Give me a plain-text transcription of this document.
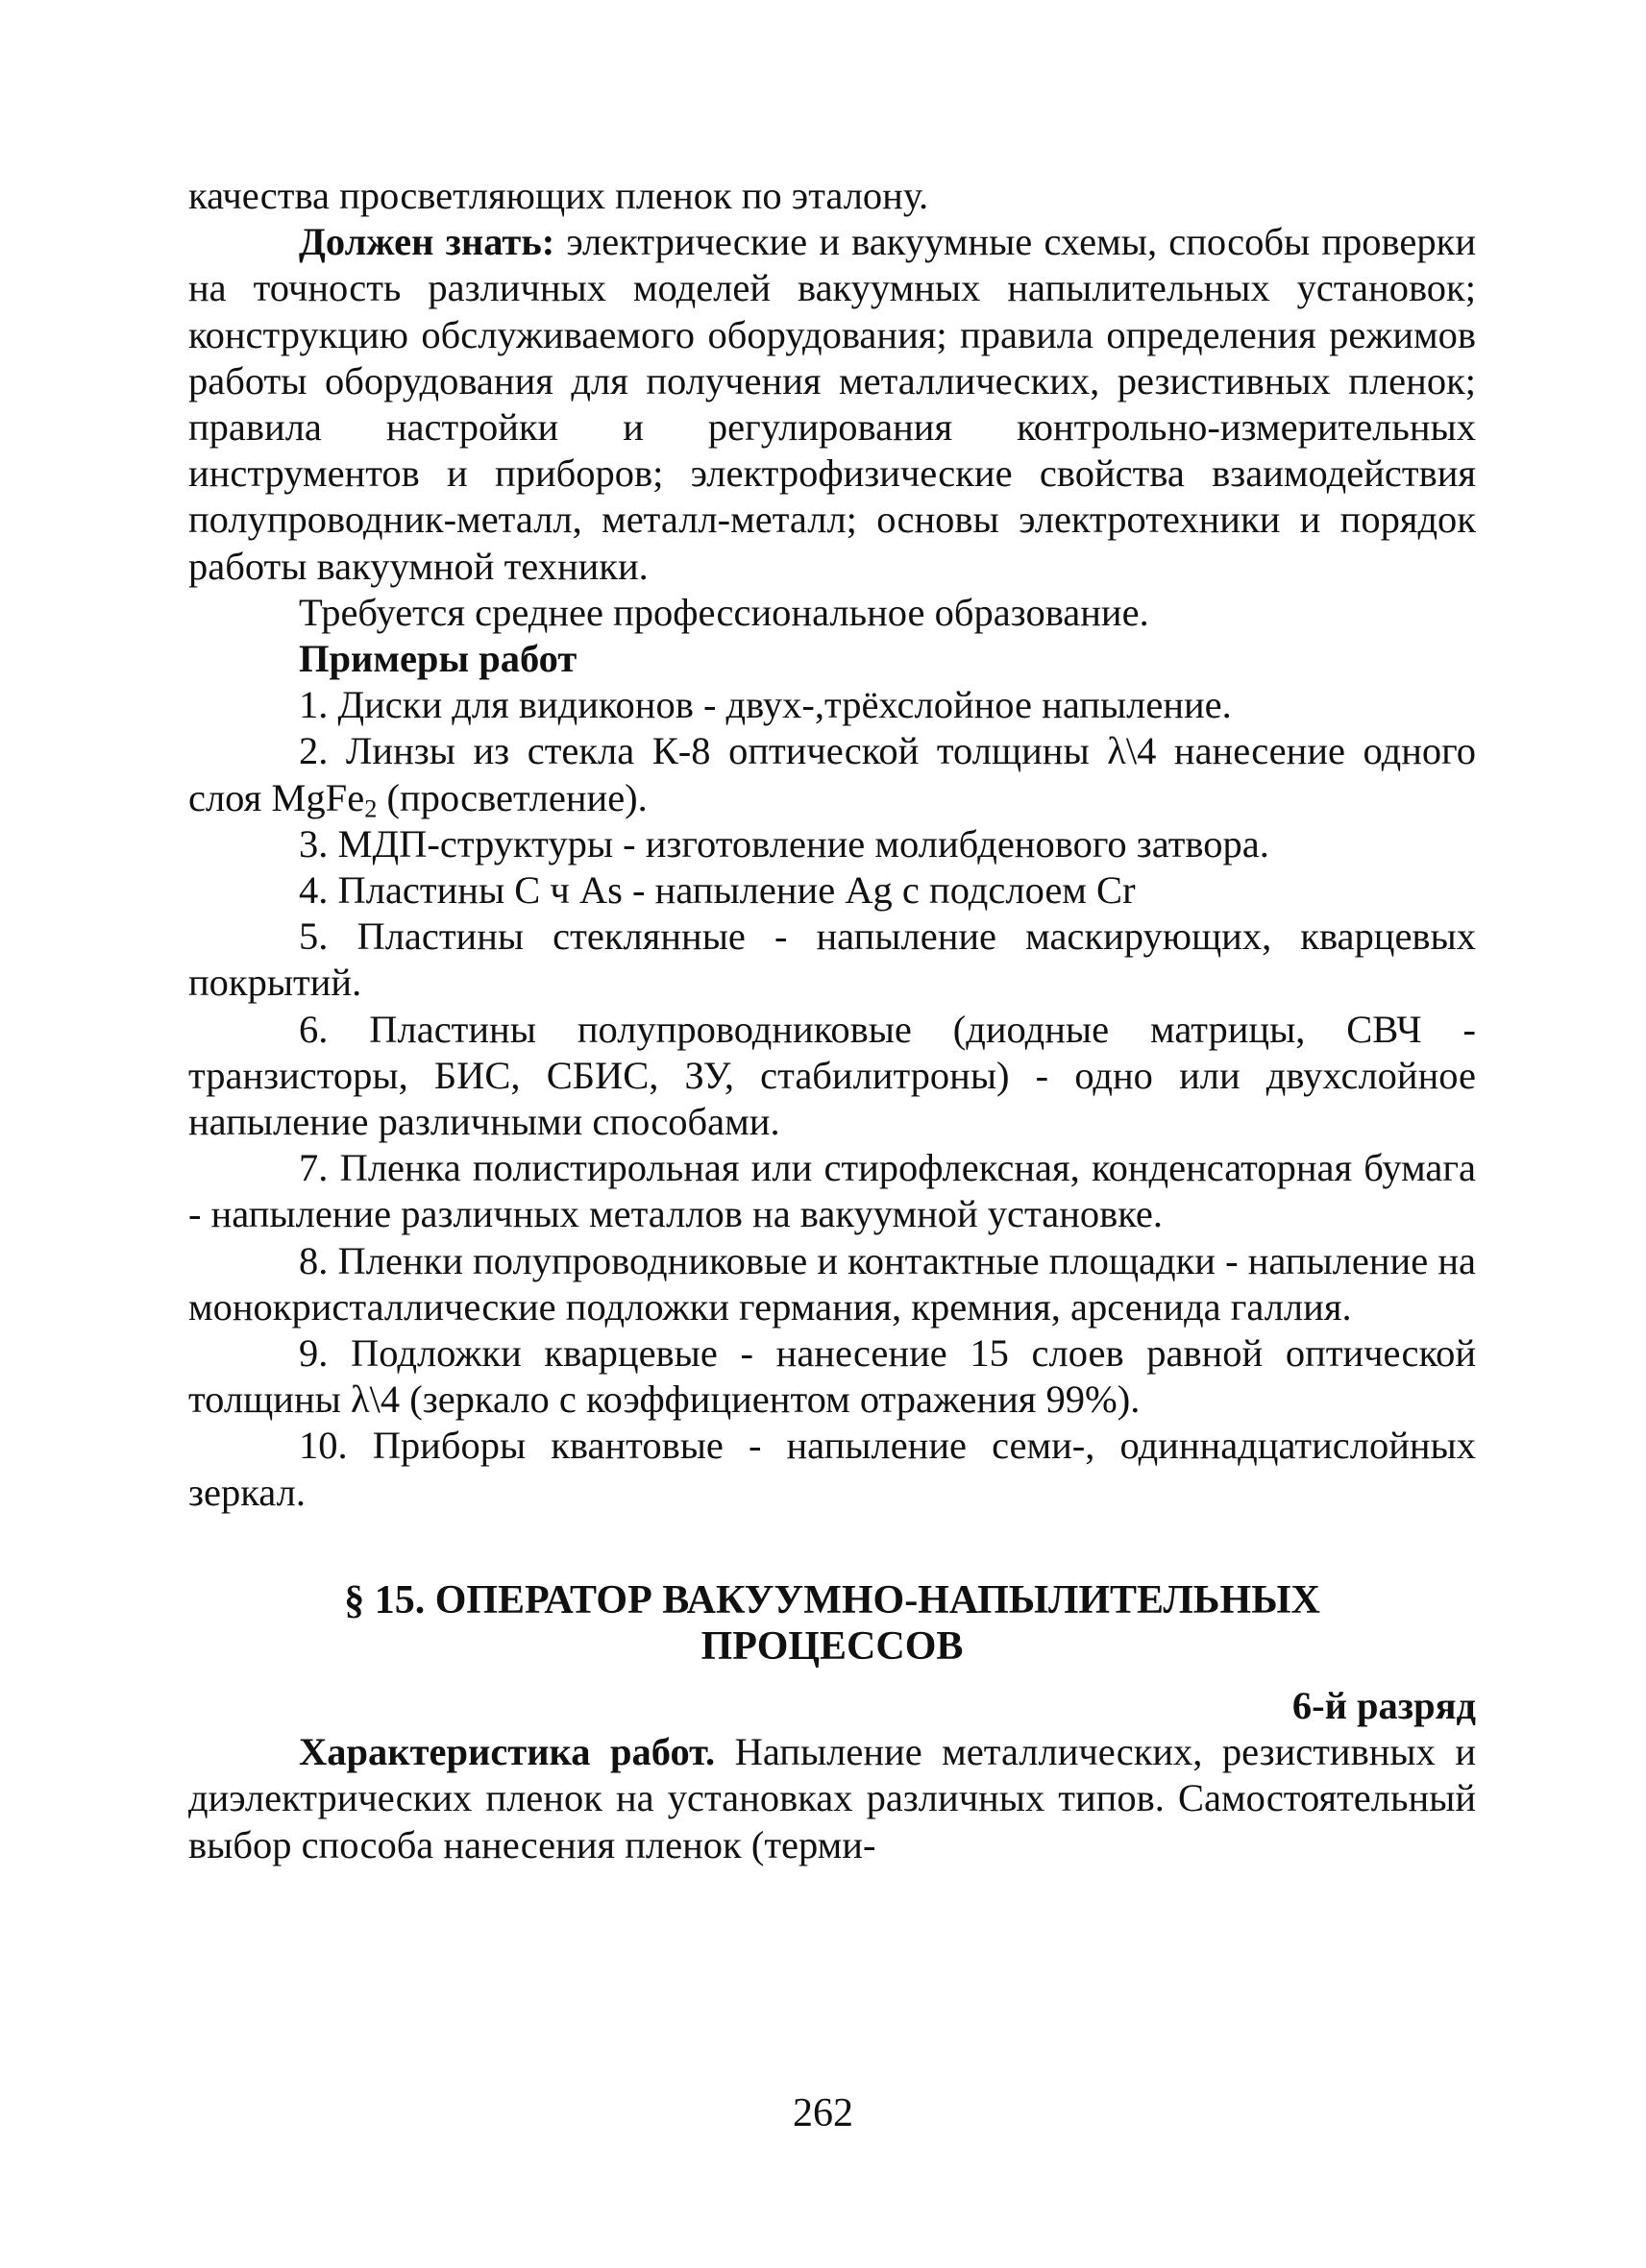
качества просветляющих пленок по эталону.

Должен знать: электрические и вакуумные схемы, способы проверки на точность различных моделей вакуумных напылительных установок; конструкцию обслуживаемого оборудования; правила определения режимов работы оборудования для получения металлических, резистивных пленок; правила настройки и регулирования контрольно-измерительных инструментов и приборов; электрофизические свойства взаимодействия полупроводник-металл, металл-металл; основы электротехники и порядок работы вакуумной техники.

Требуется среднее профессиональное образование.

Примеры работ

1. Диски для видиконов - двух-,трёхслойное напыление.

2. Линзы из стекла К-8 оптической толщины λ\4 нанесение одного слоя MgFe$_2$ (просветление).

3. МДП-структуры - изготовление молибденового затвора.

4. Пластины С ч As - напыление Ag с подслоем Cr

5. Пластины стеклянные - напыление маскирующих, кварцевых покрытий.

6. Пластины полупроводниковые (диодные матрицы, СВЧ - транзисторы, БИС, СБИС, ЗУ, стабилитроны) - одно или двухслойное напыление различными способами.

7. Пленка полистирольная или стирофлексная, конденсаторная бумага - напыление различных металлов на вакуумной установке.

8. Пленки полупроводниковые и контактные площадки - напыление на монокристаллические подложки германия, кремния, арсенида галлия.

9. Подложки кварцевые - нанесение 15 слоев равной оптической толщины λ\4 (зеркало с коэффициентом отражения 99%).

10. Приборы квантовые - напыление семи-, одиннадцатислойных зеркал.

§ 15. ОПЕРАТОР ВАКУУМНО-НАПЫЛИТЕЛЬНЫХ
ПРОЦЕССОВ

6-й разряд

Характеристика работ. Напыление металлических, резистивных и диэлектрических пленок на установках различных типов. Самостоятельный выбор способа нанесения пленок (терми-

262
